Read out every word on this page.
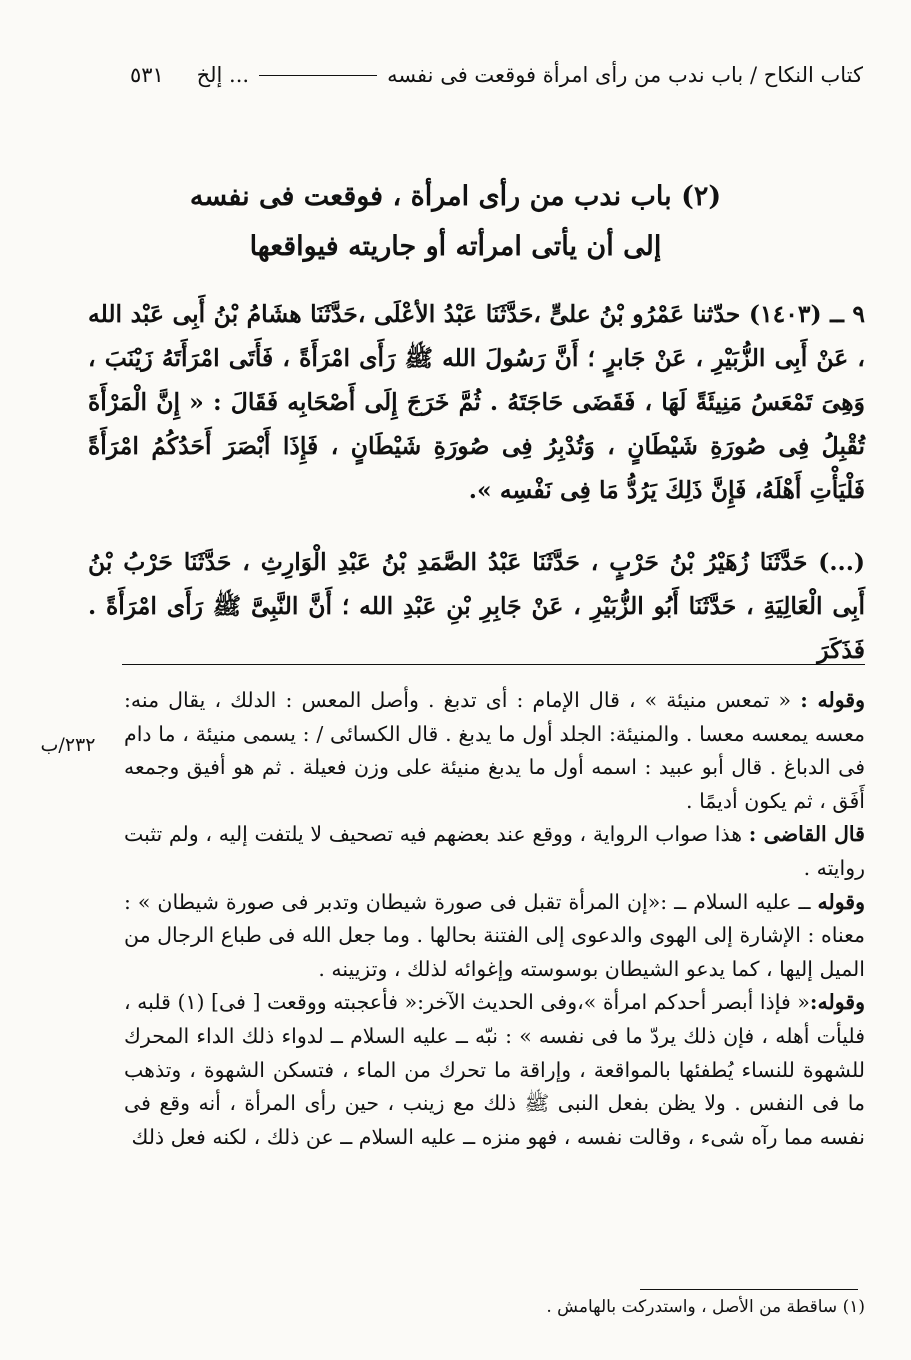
كتاب النكاح / باب ندب من رأى امرأة فوقعت فى نفسه
... إلخ
٥٣١
(٢) باب ندب من رأى امرأة ، فوقعت فى نفسه
إلى أن يأتى امرأته أو جاريته فيواقعها
٩ ــ (١٤٠٣) حدّثنا عَمْرُو بْنُ علىٍّ ،حَدَّثَنَا عَبْدُ الأعْلَى ،حَدَّثَنَا هشَامُ بْنُ أَبِى عَبْد الله ، عَنْ أَبِى الزُّبَيْرِ ، عَنْ جَابرٍ ؛ أَنَّ رَسُولَ الله ﷺ رَأَى امْرَأَةً ، فَأَتَى امْرَأَتَهُ زَيْنَبَ ، وَهِىَ تَمْعَسُ مَنِيئَةً لَهَا ، فَقَضَى حَاجَتَهُ . ثُمَّ خَرَجَ إِلَى أَصْحَابِه فَقَالَ : « إِنَّ الْمَرْأَةَ تُقْبِلُ فِى صُورَةِ شَيْطَانٍ ، وَتُدْبِرُ فِى صُورَةِ شَيْطَانٍ ، فَإِذَا أَبْصَرَ أَحَدُكُمُ امْرَأَةً فَلْيَأْتِ أَهْلَهُ، فَإِنَّ ذَلِكَ يَرُدُّ مَا فِى نَفْسِه ».
(...) حَدَّثَنَا زُهَيْرُ بْنُ حَرْبٍ ، حَدَّثَنَا عَبْدُ الصَّمَدِ بْنُ عَبْدِ الْوَارِثِ ، حَدَّثَنَا حَرْبُ بْنُ أَبِى الْعَالِيَةِ ، حَدَّثَنَا أَبُو الزُّبَيْرِ ، عَنْ جَابِرِ بْنِ عَبْدِ الله ؛ أَنَّ النَّبِىَّ ﷺ رَأَى امْرَأَةً . فَذَكَرَ

وقوله : « تمعس منيئة » ، قال الإمام : أى تدبغ . وأصل المعس : الدلك ، يقال منه: معسه يمعسه معسا . والمنيئة: الجلد أول ما يدبغ . قال الكسائى / : يسمى منيئة ، ما دام فى الدباغ . قال أبو عبيد : اسمه أول ما يدبغ منيئة على وزن فعيلة . ثم هو أفيق وجمعه أَفَق ، ثم يكون أديمًا .

قال القاضى : هذا صواب الرواية ، ووقع عند بعضهم فيه تصحيف لا يلتفت إليه ، ولم تثبت روايته .

وقوله ــ عليه السلام ــ :«إن المرأة تقبل فى صورة شيطان وتدبر فى صورة شيطان » : معناه : الإشارة إلى الهوى والدعوى إلى الفتنة بحالها . وما جعل الله فى طباع الرجال من الميل إليها ، كما يدعو الشيطان بوسوسته وإغوائه لذلك ، وتزيينه .

وقوله:« فإذا أبصر أحدكم امرأة »،وفى الحديث الآخر:« فأعجبته ووقعت [ فى] (١) قلبه ، فليأت أهله ، فإن ذلك يردّ ما فى نفسه » : نبّه ــ عليه السلام ــ لدواء ذلك الداء المحرك للشهوة للنساء يُطفئها بالمواقعة ، وإراقة ما تحرك من الماء ، فتسكن الشهوة ، وتذهب ما فى النفس . ولا يظن بفعل النبى ﷺ ذلك مع زينب ، حين رأى المرأة ، أنه وقع فى نفسه مما رآه شىء ، وقالت نفسه ، فهو منزه ــ عليه السلام ــ عن ذلك ، لكنه فعل ذلك

٢٣٢/ب
(١) ساقطة من الأصل ، واستدركت بالهامش .
